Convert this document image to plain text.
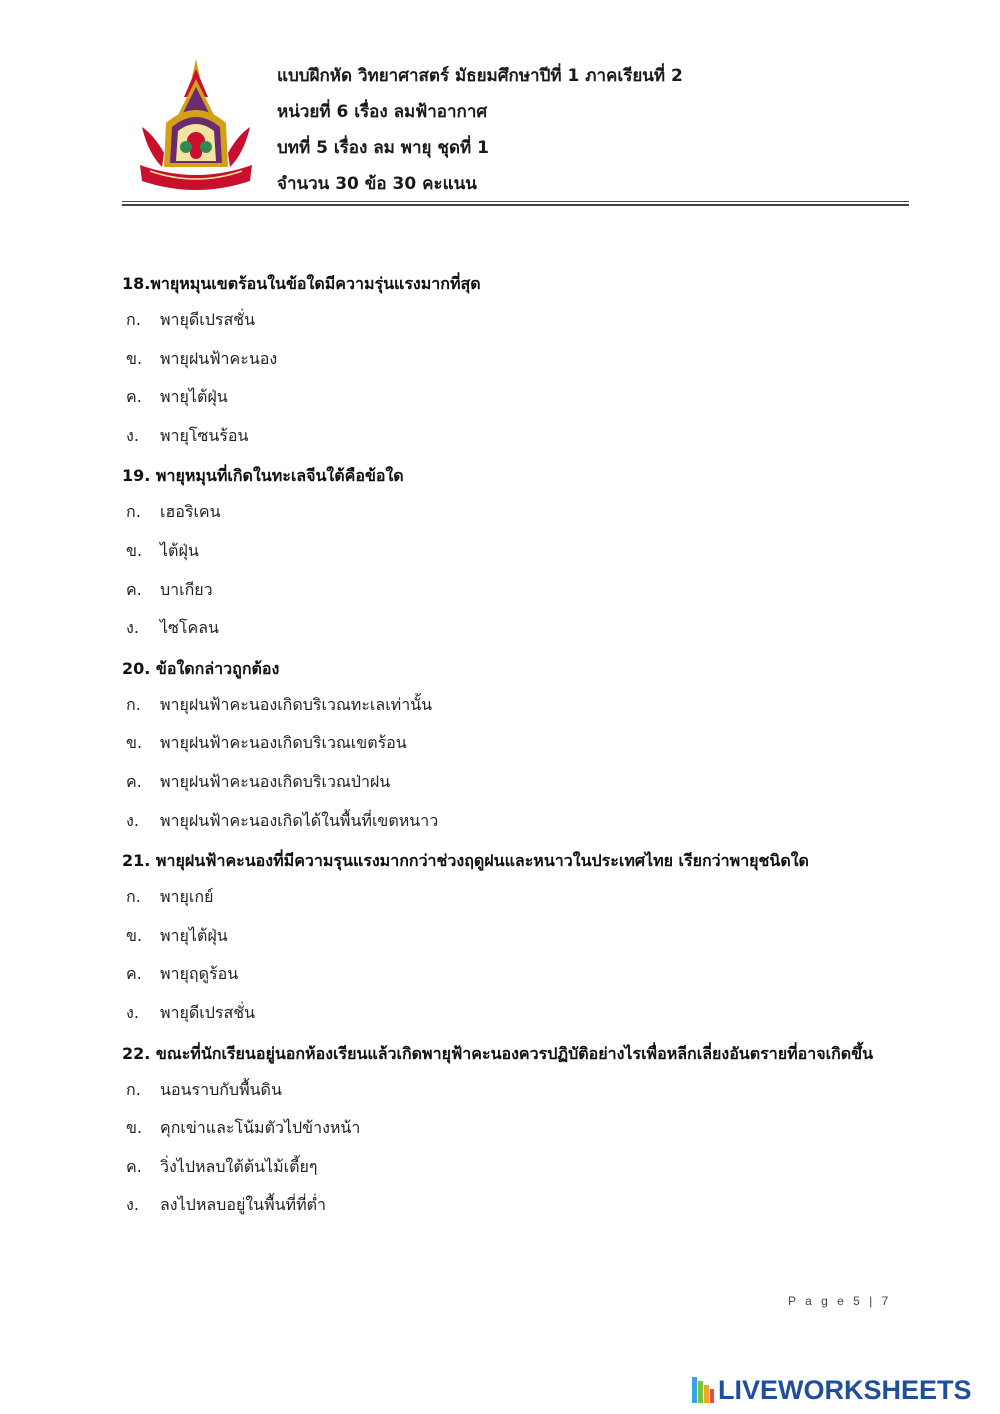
แบบฝึกหัด วิทยาศาสตร์ มัธยมศึกษาปีที่ 1 ภาคเรียนที่ 2
หน่วยที่ 6 เรื่อง ลมฟ้าอากาศ
บทที่ 5 เรื่อง ลม พายุ ชุดที่ 1
จำนวน 30 ข้อ 30 คะแนน
18.พายุหมุนเขตร้อนในข้อใดมีความรุ่นแรงมากที่สุด
ก. พายุดีเปรสชั่น
ข. พายุฝนฟ้าคะนอง
ค. พายุไต้ฝุ่น
ง. พายุโซนร้อน
19. พายุหมุนที่เกิดในทะเลจีนใต้คือข้อใด
ก. เฮอริเคน
ข. ไต้ฝุ่น
ค. บาเกียว
ง. ไซโคลน
20. ข้อใดกล่าวถูกต้อง
ก. พายุฝนฟ้าคะนองเกิดบริเวณทะเลเท่านั้น
ข. พายุฝนฟ้าคะนองเกิดบริเวณเขตร้อน
ค. พายุฝนฟ้าคะนองเกิดบริเวณป่าฝน
ง. พายุฝนฟ้าคะนองเกิดได้ในพื้นที่เขตหนาว
21. พายุฝนฟ้าคะนองที่มีความรุนแรงมากกว่าช่วงฤดูฝนและหนาวในประเทศไทย เรียกว่าพายุชนิดใด
ก. พายุเกย์
ข. พายุไต้ฝุ่น
ค. พายุฤดูร้อน
ง. พายุดีเปรสชั่น
22. ขณะที่นักเรียนอยู่นอกห้องเรียนแล้วเกิดพายุฟ้าคะนองควรปฏิบัติอย่างไรเพื่อหลีกเลี่ยงอันตรายที่อาจเกิดขึ้น
ก. นอนราบกับพื้นดิน
ข. คุกเข่าและโน้มตัวไปข้างหน้า
ค. วิ่งไปหลบใต้ต้นไม้เตี้ยๆ
ง. ลงไปหลบอยู่ในพื้นที่ที่ต่ำ
P a g e 5 | 7
LIVEWORKSHEETS
